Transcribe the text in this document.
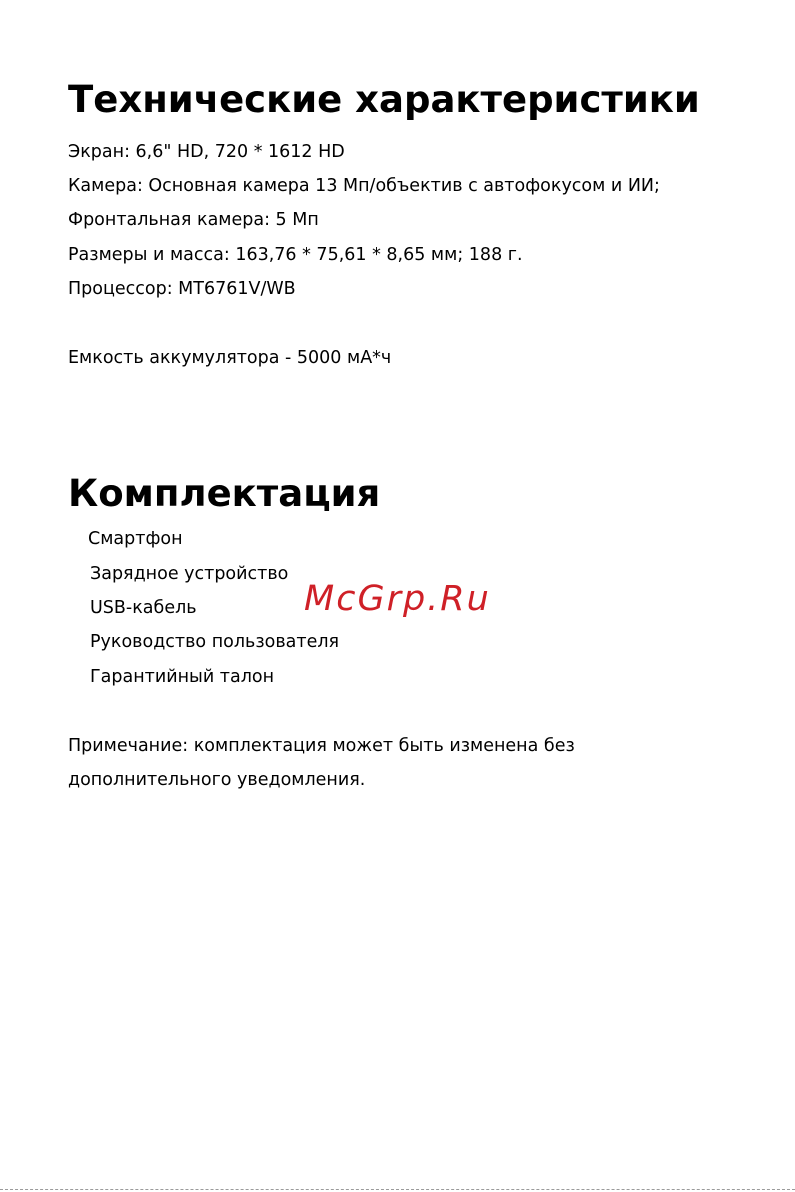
Технические характеристики
Экран: 6,6" HD, 720 * 1612 HD
Камера: Основная камера 13 Мп/объектив с автофокусом и ИИ;
Фронтальная камера: 5 Мп
Размеры и масса: 163,76 * 75,61 * 8,65 мм; 188 г.
Процессор: MT6761V/WB
Емкость аккумулятора - 5000 мА*ч
Комплектация
Смартфон
Зарядное устройство
USB-кабель
Руководство пользователя
Гарантийный талон
Примечание: комплектация может быть изменена без
дополнительного уведомления.
McGrp.Ru
